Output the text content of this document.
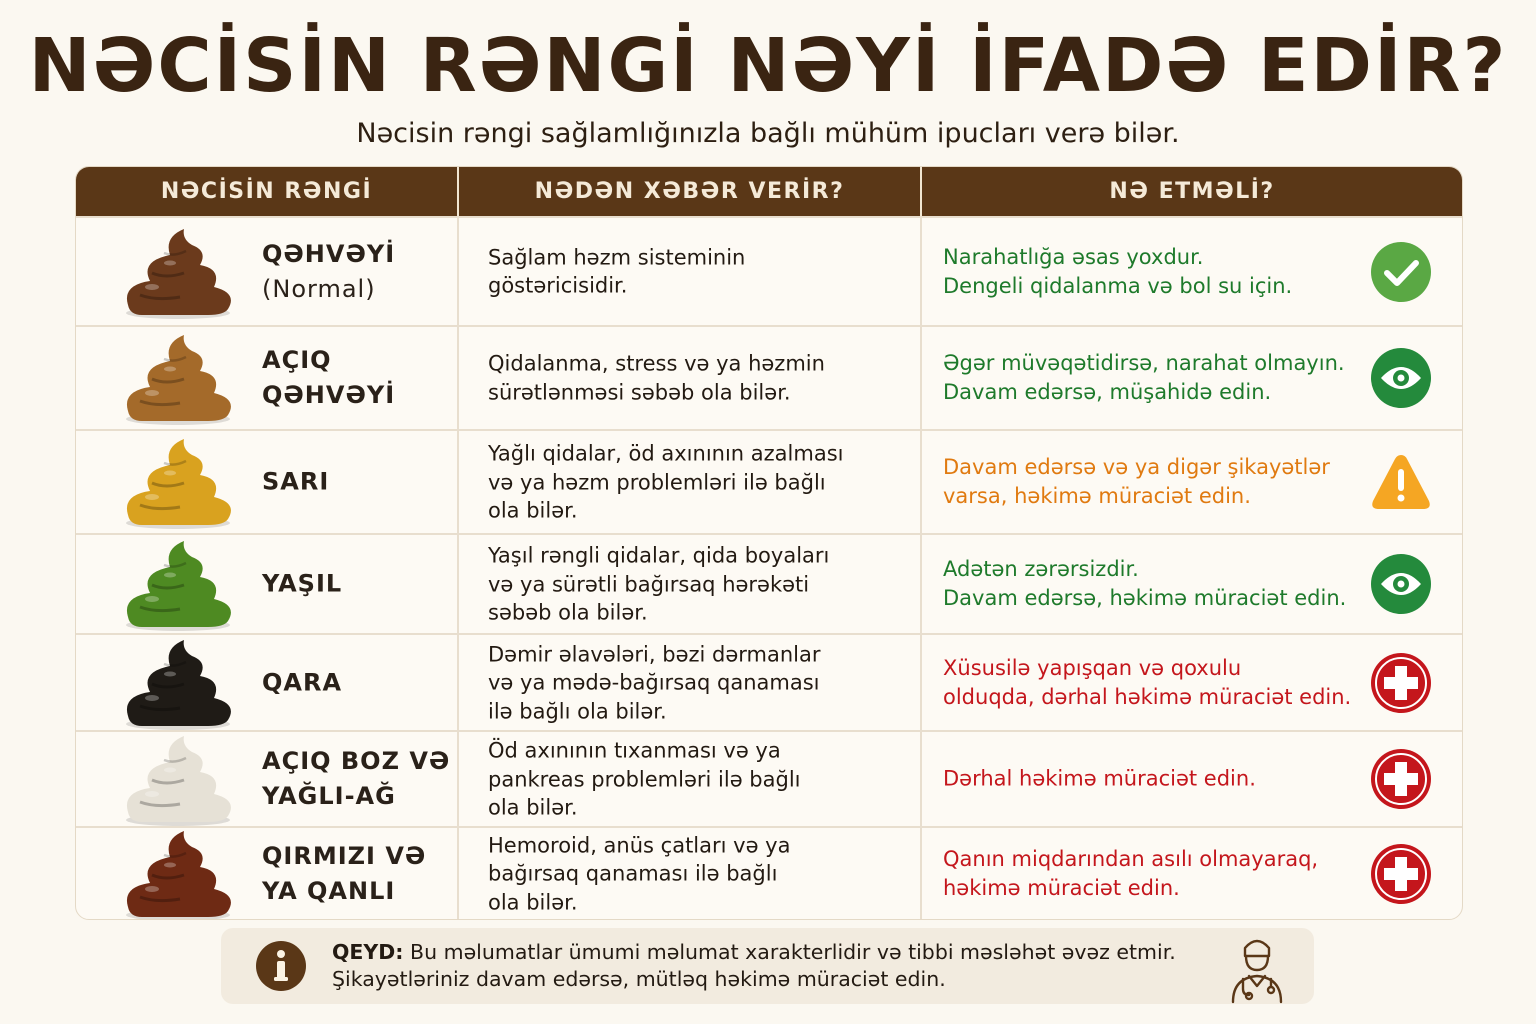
NƏCİSİN RƏNGİ NƏYİ İFADƏ EDİR?
Nəcisin rəngi sağlamlığınızla bağlı mühüm ipucları verə bilər.
NƏCİSİN RƏNGİ	NƏDƏN XƏBƏR VERİR?	NƏ ETMƏLİ?
QƏHVƏYİ
(Normal)
Sağlam həzm sisteminin
göstəricisidir.
Narahatlığa əsas yoxdur.
Dengeli qidalanma və bol su için.
AÇIQ QƏHVƏYİ
Qidalanma, stress və ya həzmin
sürətlənməsi səbəb ola bilər.
Əgər müvəqətidirsə, narahat olmayın.
Davam edərsə, müşahidə edin.
SARI
Yağlı qidalar, öd axınının azalması
və ya həzm problemləri ilə bağlı
ola bilər.
Davam edərsə və ya digər şikayətlər
varsa, həkimə müraciət edin.
YAŞIL
Yaşıl rəngli qidalar, qida boyaları
və ya sürətli bağırsaq hərəkəti
səbəb ola bilər.
Adətən zərərsizdir.
Davam edərsə, həkimə müraciət edin.
QARA
Dəmir əlavələri, bəzi dərmanlar
və ya mədə-bağırsaq qanaması
ilə bağlı ola bilər.
Xüsusilə yapışqan və qoxulu
olduqda, dərhal həkimə müraciət edin.
AÇIQ BOZ VƏ YAĞLI-AĞ
Öd axınının tıxanması və ya
pankreas problemləri ilə bağlı
ola bilər.
Dərhal həkimə müraciət edin.
QIRMIZI VƏ YA QANLI
Hemoroid, anüs çatları və ya
bağırsaq qanaması ilə bağlı
ola bilər.
Qanın miqdarından asılı olmayaraq,
həkimə müraciət edin.
QEYD: Bu məlumatlar ümumi məlumat xarakterlidir və tibbi məsləhət əvəz etmir.
Şikayətləriniz davam edərsə, mütləq həkimə müraciət edin.
